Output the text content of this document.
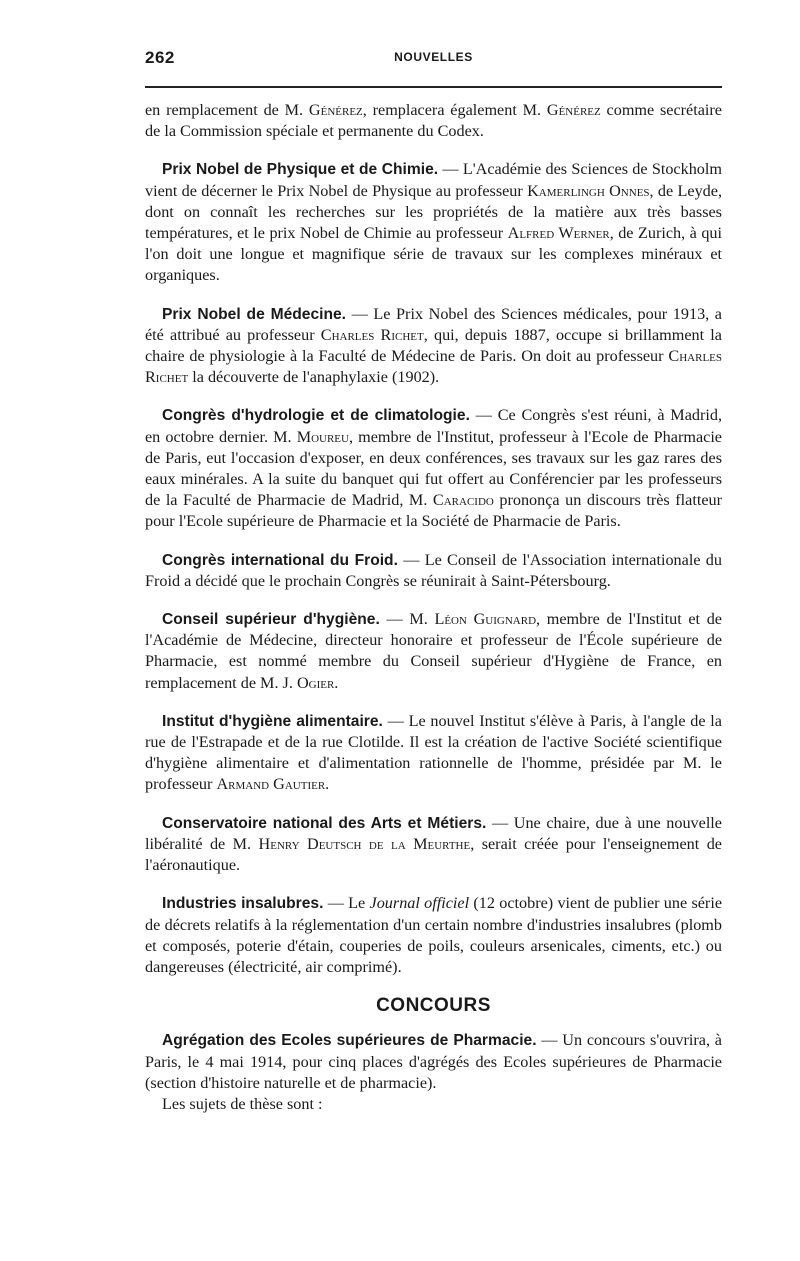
262	NOUVELLES

en remplacement de M. Générez, remplacera également M. Générez comme secrétaire de la Commission spéciale et permanente du Codex.

Prix Nobel de Physique et de Chimie. — L'Académie des Sciences de Stockholm vient de décerner le Prix Nobel de Physique au professeur Kamerlingh Onnes, de Leyde, dont on connaît les recherches sur les propriétés de la matière aux très basses températures, et le prix Nobel de Chimie au professeur Alfred Werner, de Zurich, à qui l'on doit une longue et magnifique série de travaux sur les complexes minéraux et organiques.

Prix Nobel de Médecine. — Le Prix Nobel des Sciences médicales, pour 1913, a été attribué au professeur Charles Richet, qui, depuis 1887, occupe si brillamment la chaire de physiologie à la Faculté de Médecine de Paris. On doit au professeur Charles Richet la découverte de l'anaphylaxie (1902).

Congrès d'hydrologie et de climatologie. — Ce Congrès s'est réuni, à Madrid, en octobre dernier. M. Moureu, membre de l'Institut, professeur à l'Ecole de Pharmacie de Paris, eut l'occasion d'exposer, en deux conférences, ses travaux sur les gaz rares des eaux minérales. A la suite du banquet qui fut offert au Conférencier par les professeurs de la Faculté de Pharmacie de Madrid, M. Caracido prononça un discours très flatteur pour l'Ecole supérieure de Pharmacie et la Société de Pharmacie de Paris.

Congrès international du Froid. — Le Conseil de l'Association internationale du Froid a décidé que le prochain Congrès se réunirait à Saint-Pétersbourg.

Conseil supérieur d'hygiène. — M. Léon Guignard, membre de l'Institut et de l'Académie de Médecine, directeur honoraire et professeur de l'École supérieure de Pharmacie, est nommé membre du Conseil supérieur d'Hygiène de France, en remplacement de M. J. Ogier.

Institut d'hygiène alimentaire. — Le nouvel Institut s'élève à Paris, à l'angle de la rue de l'Estrapade et de la rue Clotilde. Il est la création de l'active Société scientifique d'hygiène alimentaire et d'alimentation rationnelle de l'homme, présidée par M. le professeur Armand Gautier.

Conservatoire national des Arts et Métiers. — Une chaire, due à une nouvelle libéralité de M. Henry Deutsch de la Meurthe, serait créée pour l'enseignement de l'aéronautique.

Industries insalubres. — Le Journal officiel (12 octobre) vient de publier une série de décrets relatifs à la réglementation d'un certain nombre d'industries insalubres (plomb et composés, poterie d'étain, couperies de poils, couleurs arsenicales, ciments, etc.) ou dangereuses (électricité, air comprimé).

CONCOURS

Agrégation des Ecoles supérieures de Pharmacie. — Un concours s'ouvrira, à Paris, le 4 mai 1914, pour cinq places d'agrégés des Ecoles supérieures de Pharmacie (section d'histoire naturelle et de pharmacie).

Les sujets de thèse sont :
